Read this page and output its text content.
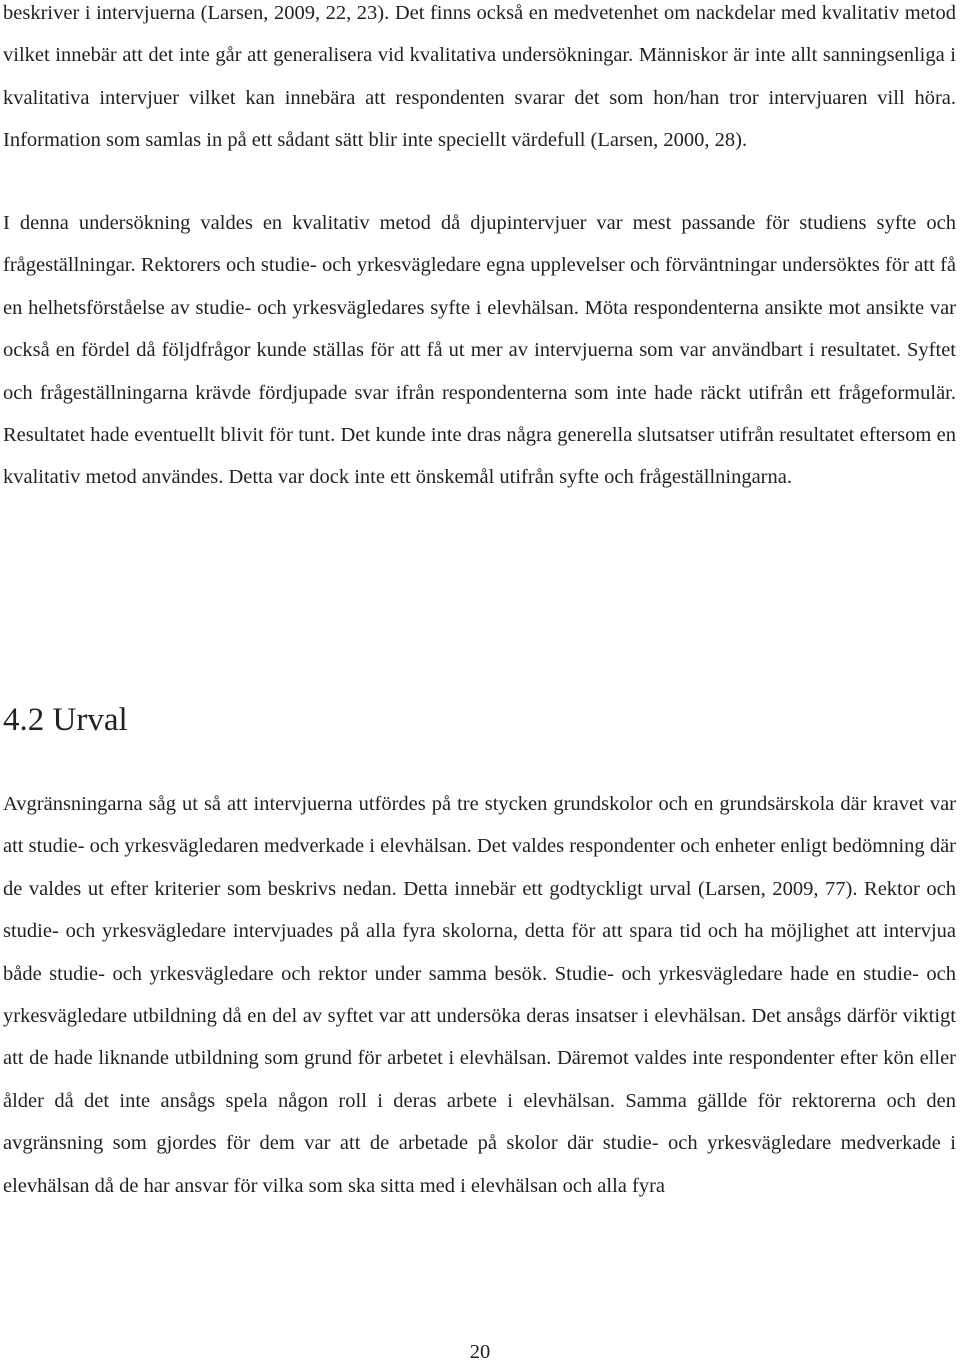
beskriver i intervjuerna (Larsen, 2009, 22, 23). Det finns också en medvetenhet om nackdelar med kvalitativ metod vilket innebär att det inte går att generalisera vid kvalitativa undersökningar. Människor är inte allt sanningsenliga i kvalitativa intervjuer vilket kan innebära att respondenten svarar det som hon/han tror intervjuaren vill höra. Information som samlas in på ett sådant sätt blir inte speciellt värdefull (Larsen, 2000, 28).

I denna undersökning valdes en kvalitativ metod då djupintervjuer var mest passande för studiens syfte och frågeställningar. Rektorers och studie- och yrkesvägledare egna upplevelser och förväntningar undersöktes för att få en helhetsförståelse av studie- och yrkesvägledares syfte i elevhälsan. Möta respondenterna ansikte mot ansikte var också en fördel då följdfrågor kunde ställas för att få ut mer av intervjuerna som var användbart i resultatet. Syftet och frågeställningarna krävde fördjupade svar ifrån respondenterna som inte hade räckt utifrån ett frågeformulär. Resultatet hade eventuellt blivit för tunt. Det kunde inte dras några generella slutsatser utifrån resultatet eftersom en kvalitativ metod användes. Detta var dock inte ett önskemål utifrån syfte och frågeställningarna.

4.2 Urval

Avgränsningarna såg ut så att intervjuerna utfördes på tre stycken grundskolor och en grundsärskola där kravet var att studie- och yrkesvägledaren medverkade i elevhälsan. Det valdes respondenter och enheter enligt bedömning där de valdes ut efter kriterier som beskrivs nedan. Detta innebär ett godtyckligt urval (Larsen, 2009, 77). Rektor och studie- och yrkesvägledare intervjuades på alla fyra skolorna, detta för att spara tid och ha möjlighet att intervjua både studie- och yrkesvägledare och rektor under samma besök. Studie- och yrkesvägledare hade en studie- och yrkesvägledare utbildning då en del av syftet var att undersöka deras insatser i elevhälsan. Det ansågs därför viktigt att de hade liknande utbildning som grund för arbetet i elevhälsan. Däremot valdes inte respondenter efter kön eller ålder då det inte ansågs spela någon roll i deras arbete i elevhälsan. Samma gällde för rektorerna och den avgränsning som gjordes för dem var att de arbetade på skolor där studie- och yrkesvägledare medverkade i elevhälsan då de har ansvar för vilka som ska sitta med i elevhälsan och alla fyra

20
